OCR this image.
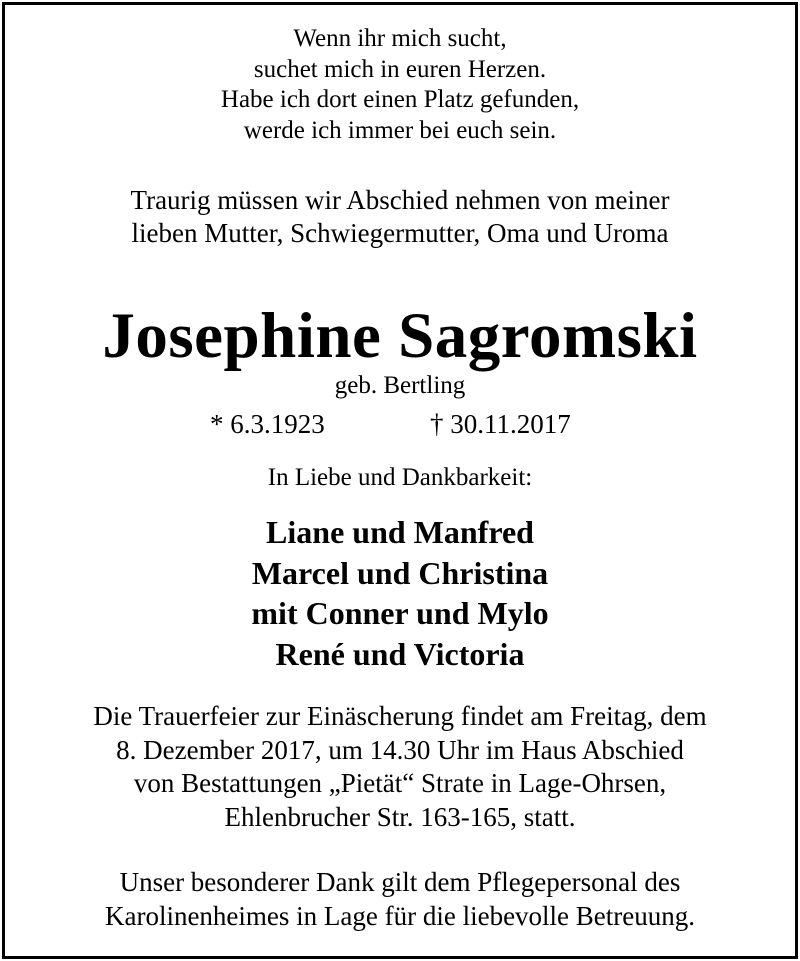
Wenn ihr mich sucht,
suchet mich in euren Herzen.
Habe ich dort einen Platz gefunden,
werde ich immer bei euch sein.
Traurig müssen wir Abschied nehmen von meiner
lieben Mutter, Schwiegermutter, Oma und Uroma
Josephine Sagromski
geb. Bertling
* 6.3.1923	† 30.11.2017
In Liebe und Dankbarkeit:
Liane und Manfred
Marcel und Christina
mit Conner und Mylo
René und Victoria
Die Trauerfeier zur Einäscherung findet am Freitag, dem
8. Dezember 2017, um 14.30 Uhr im Haus Abschied
von Bestattungen „Pietät“ Strate in Lage-Ohrsen,
Ehlenbrucher Str. 163-165, statt.
Unser besonderer Dank gilt dem Pflegepersonal des
Karolinenheimes in Lage für die liebevolle Betreuung.
